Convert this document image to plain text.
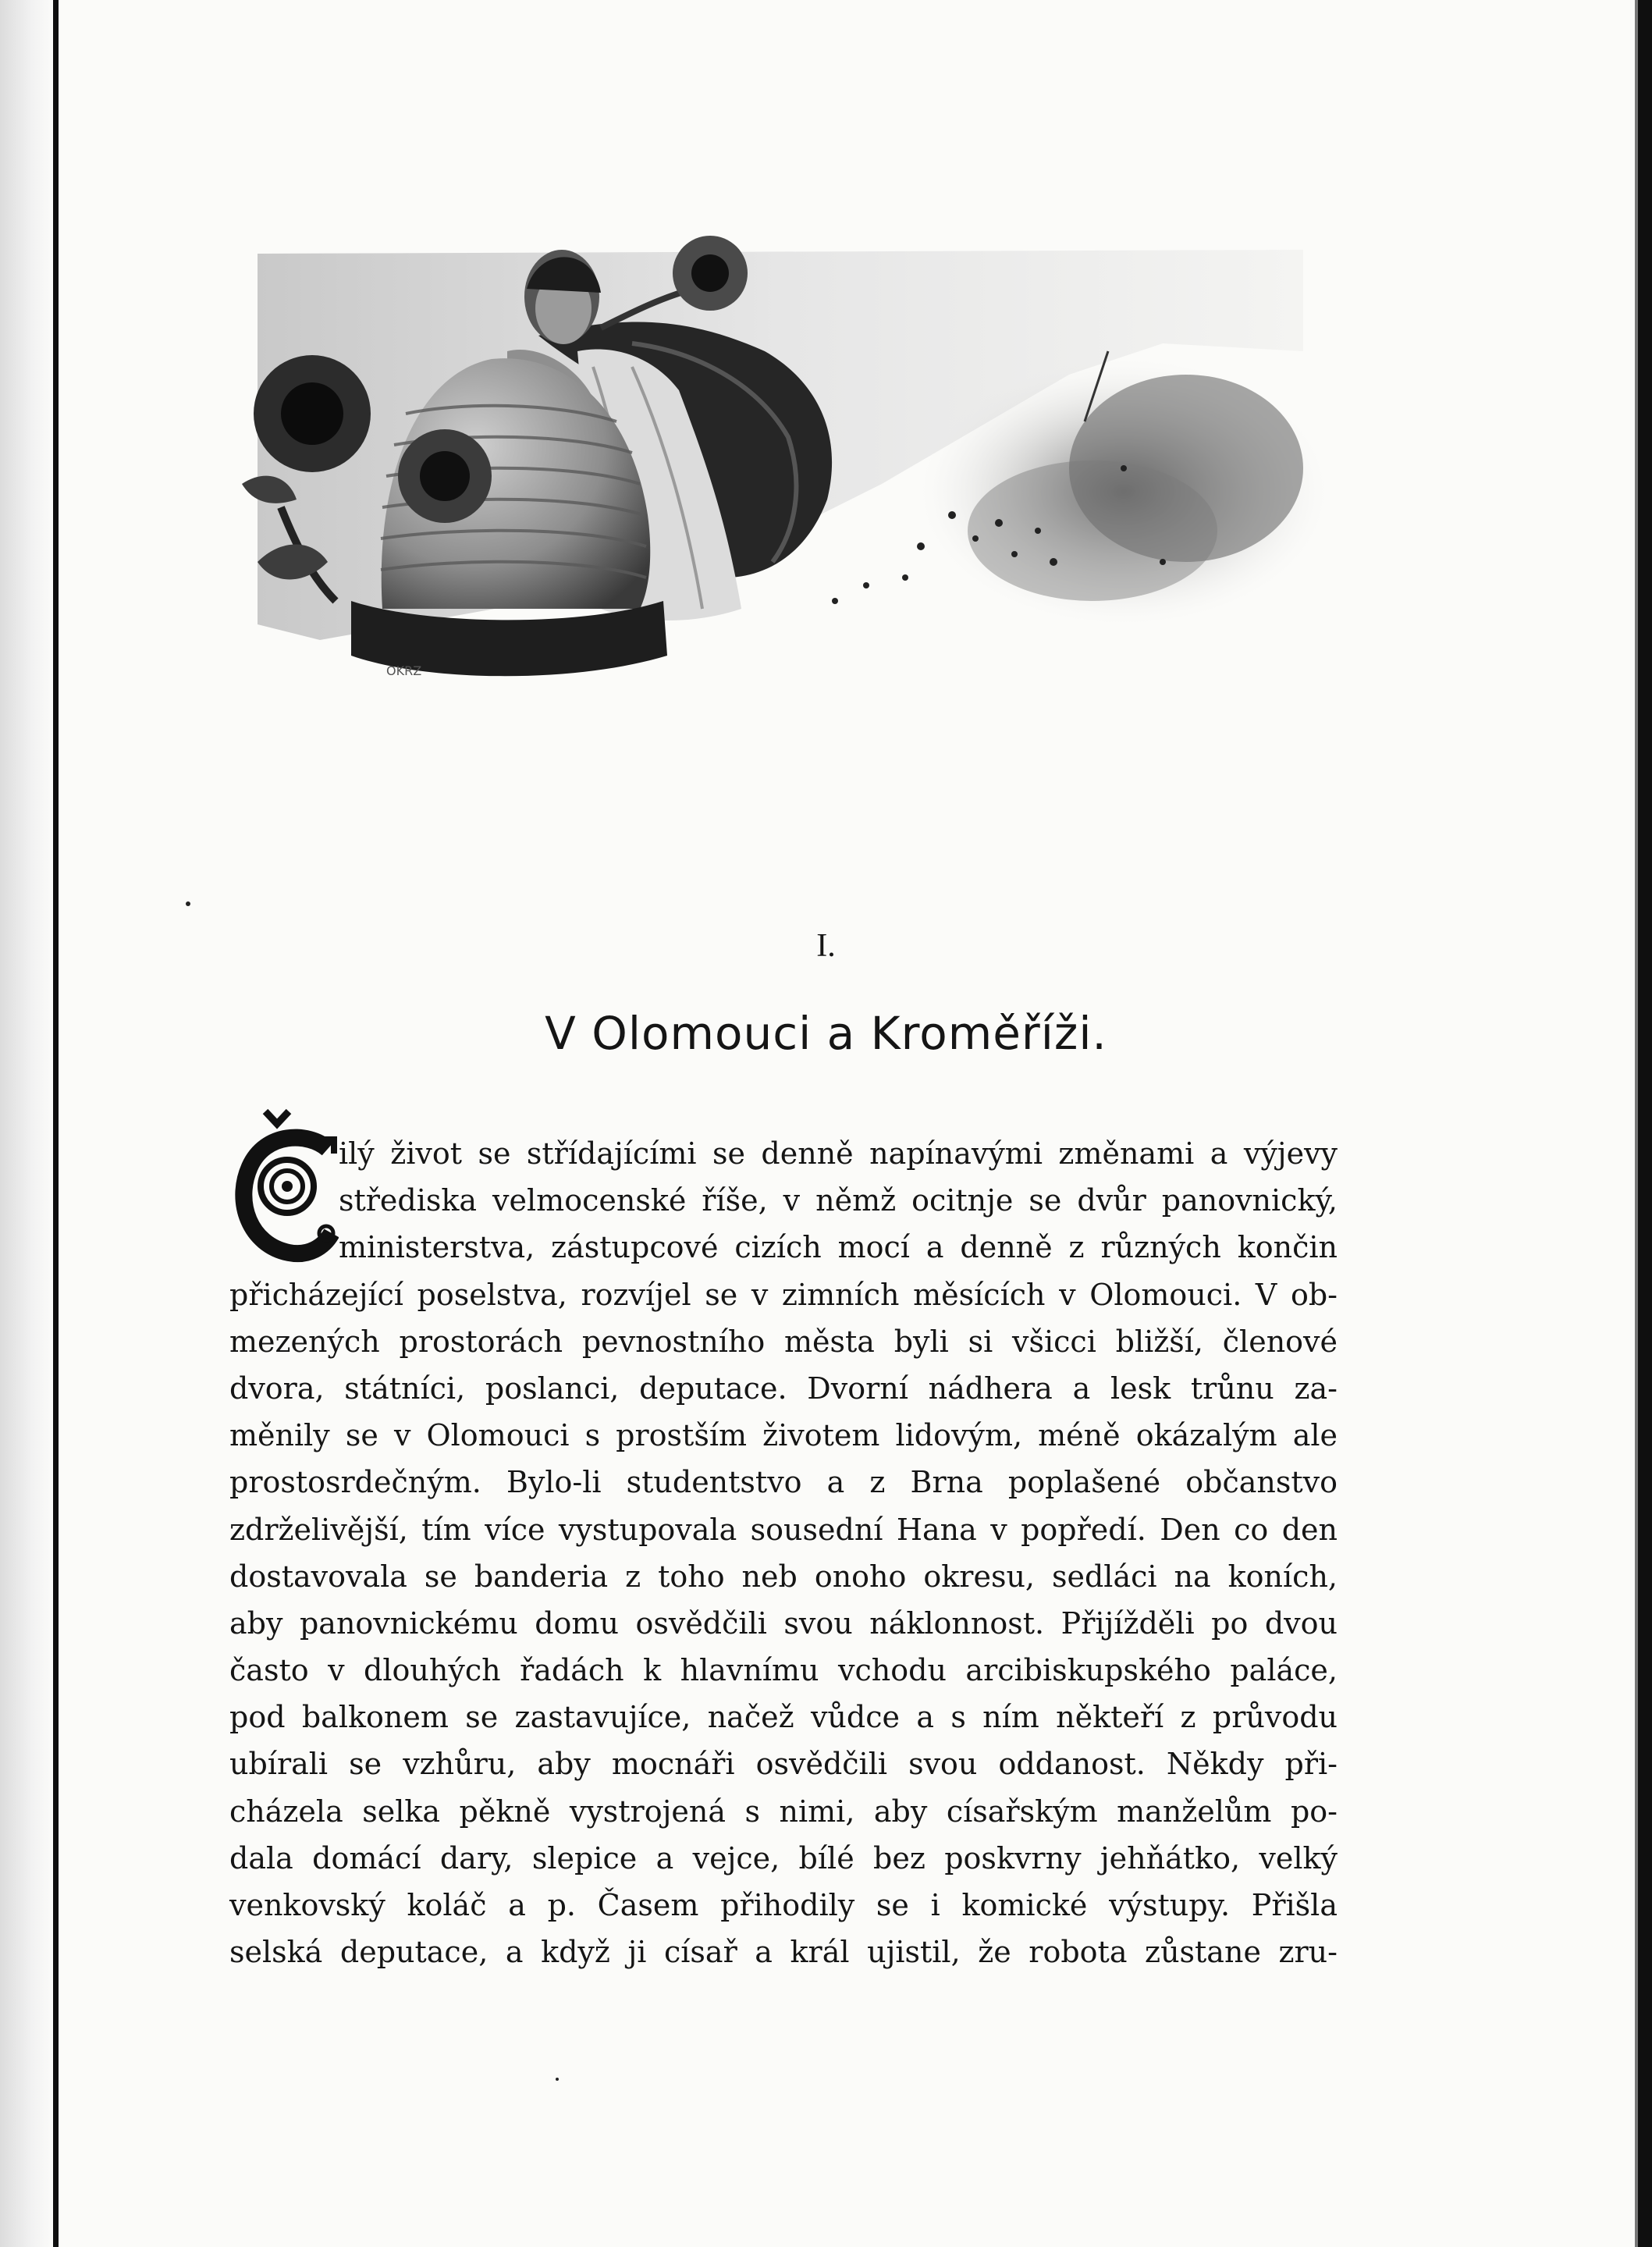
OKRZ
I.
V Olomouci a Kroměříži.
ilý život se střídajícími se denně napínavými změnami a výjevy
střediska velmocenské říše, v němž ocitnje se dvůr panovnický,
ministerstva, zástupcové cizích mocí a denně z různých končin
přicházející poselstva, rozvíjel se v zimních měsících v Olomouci. V ob-
mezených prostorách pevnostního města byli si všicci bližší, členové
dvora, státníci, poslanci, deputace. Dvorní nádhera a lesk trůnu za-
měnily se v Olomouci s prostším životem lidovým, méně okázalým ale
prostosrdečným. Bylo-li studentstvo a z Brna poplašené občanstvo
zdrželivější, tím více vystupovala sousední Hana v popředí. Den co den
dostavovala se banderia z toho neb onoho okresu, sedláci na koních,
aby panovnickému domu osvědčili svou náklonnost. Přijížděli po dvou
často v dlouhých řadách k hlavnímu vchodu arcibiskupského paláce,
pod balkonem se zastavujíce, načež vůdce a s ním někteří z průvodu
ubírali se vzhůru, aby mocnáři osvědčili svou oddanost. Někdy při-
cházela selka pěkně vystrojená s nimi, aby císařským manželům po-
dala domácí dary, slepice a vejce, bílé bez poskvrny jehňátko, velký
venkovský koláč a p. Časem přihodily se i komické výstupy. Přišla
selská deputace, a když ji císař a král ujistil, že robota zůstane zru-
